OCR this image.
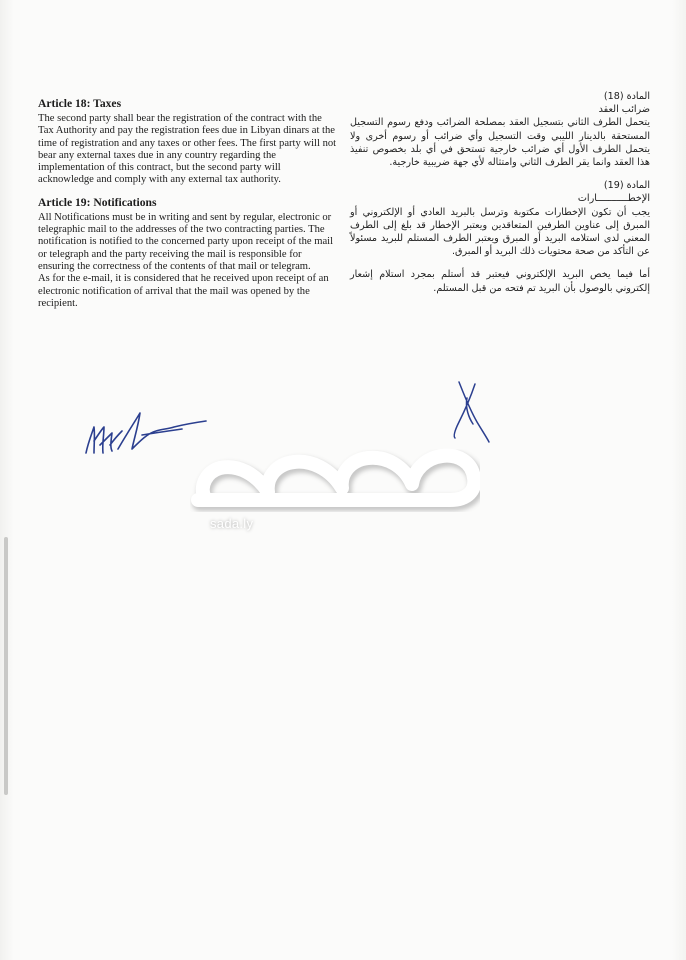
Article 18: Taxes

The second party shall bear the registration of the contract with the Tax Authority and pay the registration fees due in Libyan dinars at the time of registration and any taxes or other fees. The first party will not bear any external taxes due in any country regarding the implementation of this contract, but the second party will acknowledge and comply with any external tax authority.

Article 19: Notifications

All Notifications must be in writing and sent by regular, electronic or telegraphic mail to the addresses of the two contracting parties. The notification is notified to the concerned party upon receipt of the mail or telegraph and the party receiving the mail is responsible for ensuring the correctness of the contents of that mail or telegram.

As for the e-mail, it is considered that he received upon receipt of an electronic notification of arrival that the mail was opened by the recipient.

المادة (18)
ضرائب العقد

يتحمل الطرف الثاني بتسجيل العقد بمصلحة الضرائب ودفع رسوم التسجيل المستحقة بالدينار الليبي وقت التسجيل وأي ضرائب أو رسوم أخرى ولا يتحمل الطرف الأول أي ضرائب خارجية تستحق في أي بلد بخصوص تنفيذ هذا العقد وانما يقر الطرف الثاني وامتثاله لأي جهة ضريبية خارجية.

المادة (19)
الإخطـــــــــــارات

يجب أن تكون الإخطارات مكتوبة وترسل بالبريد العادي أو الإلكتروني أو المبرق إلى عناوين الطرفين المتعاقدين ويعتبر الإخطار قد بلغ إلى الطرف المعني لدى استلامه البريد أو المبرق ويعتبر الطرف المستلم للبريد مسئولاً عن التأكد من صحة محتويات ذلك البريد أو المبرق.

أما فيما يخص البريد الإلكتروني فيعتبر قد أستلم بمجرد استلام إشعار إلكتروني بالوصول بأن البريد تم فتحه من قبل المستلم.

sada.ly
